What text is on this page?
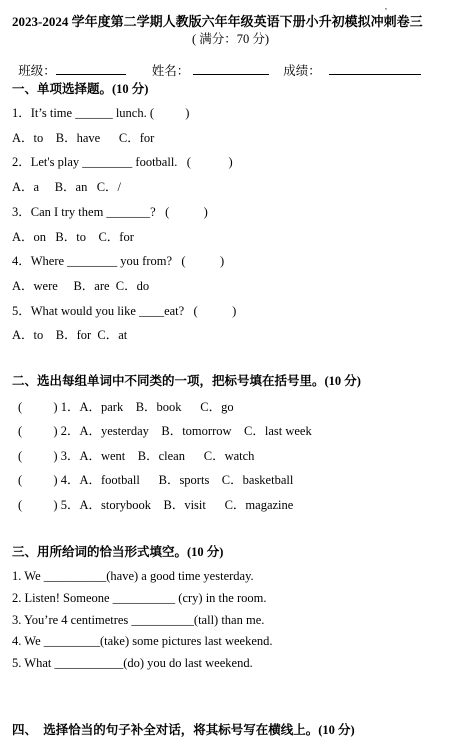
,
2023-2024 学年度第二学期人教版六年年级英语下册小升初模拟冲刺卷三
( 满分：70 分)

班级：	姓名：	成绩：

一、单项选择题。(10 分)
1．It’s time ______ lunch. (          )
A．to    B．have      C．for
2．Let's play ________ football.   (            )
A．a     B．an   C．/
3．Can I try them _______?   (           )
A．on   B．to    C．for
4．Where ________ you from?   (           )
A．were     B．are  C．do
5．What would you like ____eat?   (           )
A．to    B．for  C．at
二、选出每组单词中不同类的一项，把标号填在括号里。(10 分)
(          ) 1．A．park    B．book      C．go
(          ) 2．A．yesterday    B．tomorrow    C．last week
(          ) 3．A．went    B．clean      C．watch
(          ) 4．A．football      B．sports    C．basketball
(          ) 5．A．storybook    B．visit      C．magazine
三、用所给词的恰当形式填空。(10 分)
1. We __________(have) a good time yesterday.
2. Listen! Someone __________ (cry) in the room.
3. You’re 4 centimetres __________(tall) than me.
4. We _________(take) some pictures last weekend.
5. What ___________(do) you do last weekend.
四、  选择恰当的句子补全对话，将其标号写在横线上。(10 分)
